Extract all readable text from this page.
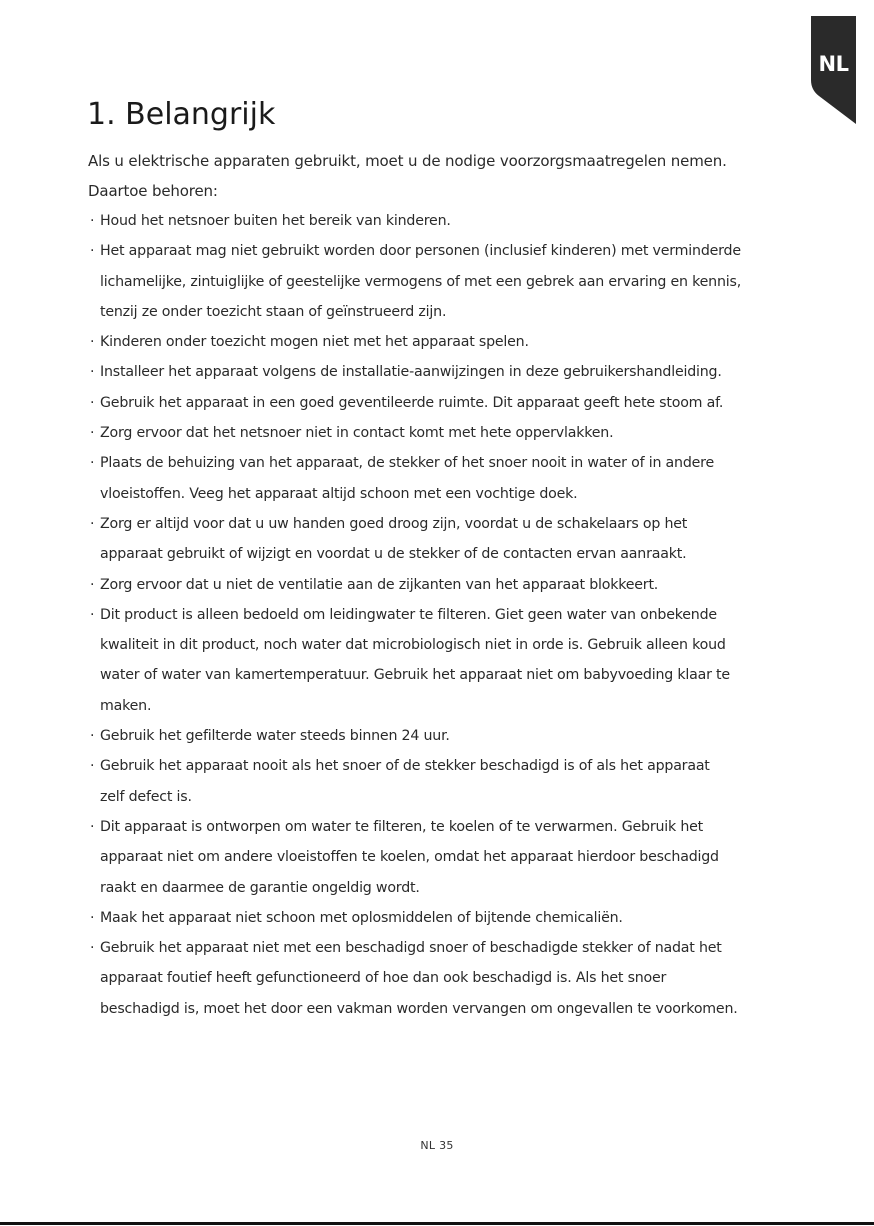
NL
1. Belangrijk

Als u elektrische apparaten gebruikt, moet u de nodige voorzorgsmaatregelen nemen.

Daartoe behoren:

· Houd het netsnoer buiten het bereik van kinderen.
· Het apparaat mag niet gebruikt worden door personen (inclusief kinderen) met verminderde
lichamelijke, zintuiglijke of geestelijke vermogens of met een gebrek aan ervaring en kennis,
tenzij ze onder toezicht staan of geïnstrueerd zijn.
· Kinderen onder toezicht mogen niet met het apparaat spelen.
· Installeer het apparaat volgens de installatie-aanwijzingen in deze gebruikershandleiding.
· Gebruik het apparaat in een goed geventileerde ruimte. Dit apparaat geeft hete stoom af.
· Zorg ervoor dat het netsnoer niet in contact komt met hete oppervlakken.
· Plaats de behuizing van het apparaat, de stekker of het snoer nooit in water of in andere
vloeistoffen. Veeg het apparaat altijd schoon met een vochtige doek.
· Zorg er altijd voor dat u uw handen goed droog zijn, voordat u de schakelaars op het
apparaat gebruikt of wijzigt en voordat u de stekker of de contacten ervan aanraakt.
· Zorg ervoor dat u niet de ventilatie aan de zijkanten van het apparaat blokkeert.
· Dit product is alleen bedoeld om leidingwater te filteren. Giet geen water van onbekende
kwaliteit in dit product, noch water dat microbiologisch niet in orde is. Gebruik alleen koud
water of water van kamertemperatuur. Gebruik het apparaat niet om babyvoeding klaar te
maken.
· Gebruik het gefilterde water steeds binnen 24 uur.
· Gebruik het apparaat nooit als het snoer of de stekker beschadigd is of als het apparaat
zelf defect is.
· Dit apparaat is ontworpen om water te filteren, te koelen of te verwarmen. Gebruik het
apparaat niet om andere vloeistoffen te koelen, omdat het apparaat hierdoor beschadigd
raakt en daarmee de garantie ongeldig wordt.
· Maak het apparaat niet schoon met oplosmiddelen of bijtende chemicaliën.
· Gebruik het apparaat niet met een beschadigd snoer of beschadigde stekker of nadat het
apparaat foutief heeft gefunctioneerd of hoe dan ook beschadigd is. Als het snoer
beschadigd is, moet het door een vakman worden vervangen om ongevallen te voorkomen.
NL 35
